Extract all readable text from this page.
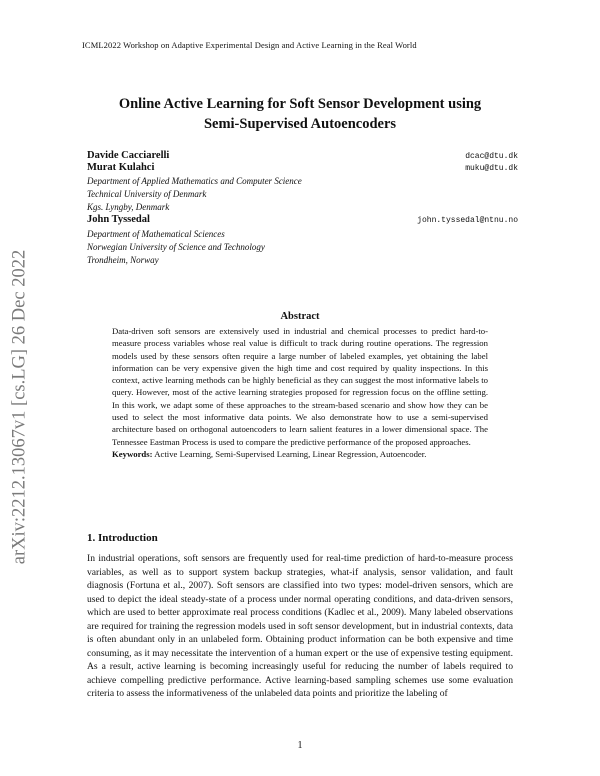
ICML2022 Workshop on Adaptive Experimental Design and Active Learning in the Real World
Online Active Learning for Soft Sensor Development using
Semi-Supervised Autoencoders
Davide Cacciarelli	dcac@dtu.dk
Murat Kulahci	muku@dtu.dk
Department of Applied Mathematics and Computer Science
Technical University of Denmark
Kgs. Lyngby, Denmark
John Tyssedal	john.tyssedal@ntnu.no
Department of Mathematical Sciences
Norwegian University of Science and Technology
Trondheim, Norway
arXiv:2212.13067v1 [cs.LG] 26 Dec 2022	Abstract
Data-driven soft sensors are extensively used in industrial and chemical processes to predict hard-to-measure process variables whose real value is difficult to track during routine operations. The regression models used by these sensors often require a large number of labeled examples, yet obtaining the label information can be very expensive given the high time and cost required by quality inspections. In this context, active learning methods can be highly beneficial as they can suggest the most informative labels to query. However, most of the active learning strategies proposed for regression focus on the offline setting. In this work, we adapt some of these approaches to the stream-based scenario and show how they can be used to select the most informative data points. We also demonstrate how to use a semi-supervised architecture based on orthogonal autoencoders to learn salient features in a lower dimensional space. The Tennessee Eastman Process is used to compare the predictive performance of the proposed approaches.
Keywords: Active Learning, Semi-Supervised Learning, Linear Regression, Autoencoder.
1. Introduction
In industrial operations, soft sensors are frequently used for real-time prediction of hard-to-measure process variables, as well as to support system backup strategies, what-if analysis, sensor validation, and fault diagnosis (Fortuna et al., 2007). Soft sensors are classified into two types: model-driven sensors, which are used to depict the ideal steady-state of a process under normal operating conditions, and data-driven sensors, which are used to better approximate real process conditions (Kadlec et al., 2009). Many labeled observations are required for training the regression models used in soft sensor development, but in industrial contexts, data is often abundant only in an unlabeled form. Obtaining product information can be both expensive and time consuming, as it may necessitate the intervention of a human expert or the use of expensive testing equipment. As a result, active learning is becoming increasingly useful for reducing the number of labels required to achieve compelling predictive performance. Active learning-based sampling schemes use some evaluation criteria to assess the informativeness of the unlabeled data points and prioritize the labeling of
1
